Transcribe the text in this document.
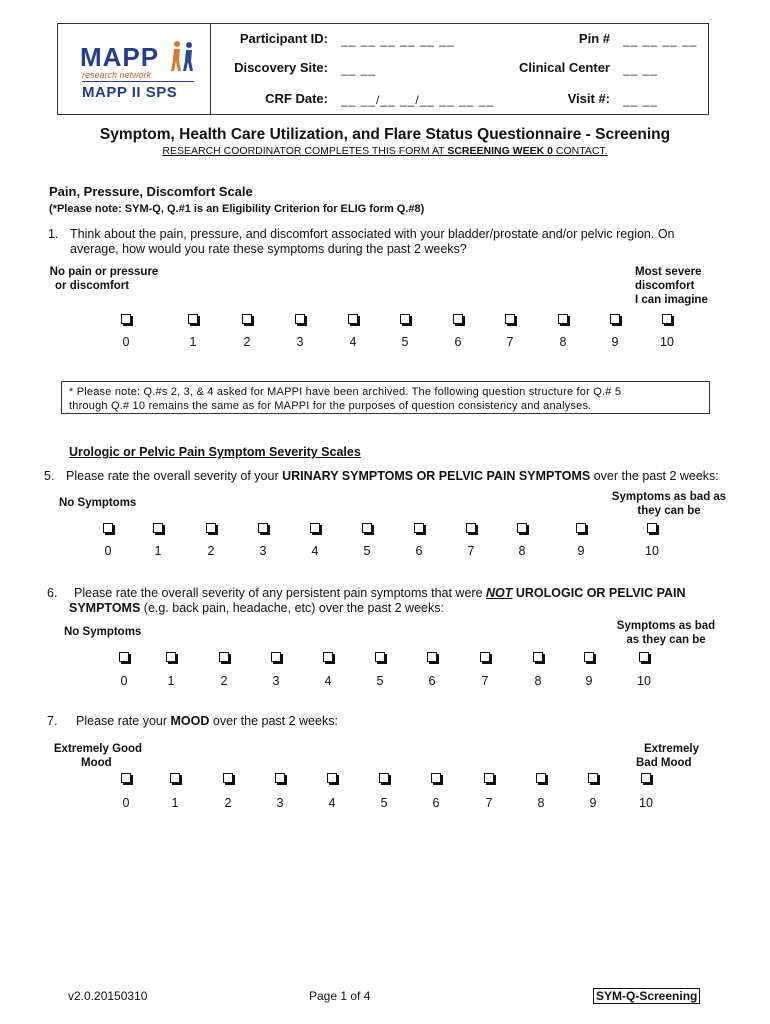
MAPP
research network
MAPP II SPS
Participant ID: __ __ __ __ __ __	Pin # __ __ __ __
Discovery Site: __ __	Clinical Center __ __
CRF Date: __ __/__ __/__ __ __ __	Visit #: __ __
Symptom, Health Care Utilization, and Flare Status Questionnaire - Screening
RESEARCH COORDINATOR COMPLETES THIS FORM AT SCREENING WEEK 0 CONTACT.
Pain, Pressure, Discomfort Scale
(*Please note: SYM-Q, Q.#1 is an Eligibility Criterion for ELIG form Q.#8)
1. Think about the pain, pressure, and discomfort associated with your bladder/prostate and/or pelvic region. On
average, how would you rate these symptoms during the past 2 weeks?
No pain or pressure
or discomfort
Most severe
discomfort
I can imagine
0	1	2	3	4	5	6	7	8	9	10
* Please note: Q.#s 2, 3, & 4 asked for MAPPI have been archived. The following question structure for Q.# 5
through Q.# 10 remains the same as for MAPPI for the purposes of question consistency and analyses.
Urologic or Pelvic Pain Symptom Severity Scales
5. Please rate the overall severity of your URINARY SYMPTOMS OR PELVIC PAIN SYMPTOMS over the past 2 weeks:
No Symptoms	Symptoms as bad as
they can be
0	1	2	3	4	5	6	7	8	9	10
6. Please rate the overall severity of any persistent pain symptoms that were NOT UROLOGIC OR PELVIC PAIN
SYMPTOMS (e.g. back pain, headache, etc) over the past 2 weeks:
No Symptoms	Symptoms as bad
as they can be
0	1	2	3	4	5	6	7	8	9	10
7. Please rate your MOOD over the past 2 weeks:
Extremely Good
Mood
Extremely
Bad Mood
0	1	2	3	4	5	6	7	8	9	10
v2.0.20150310	Page 1 of 4	SYM-Q-Screening
